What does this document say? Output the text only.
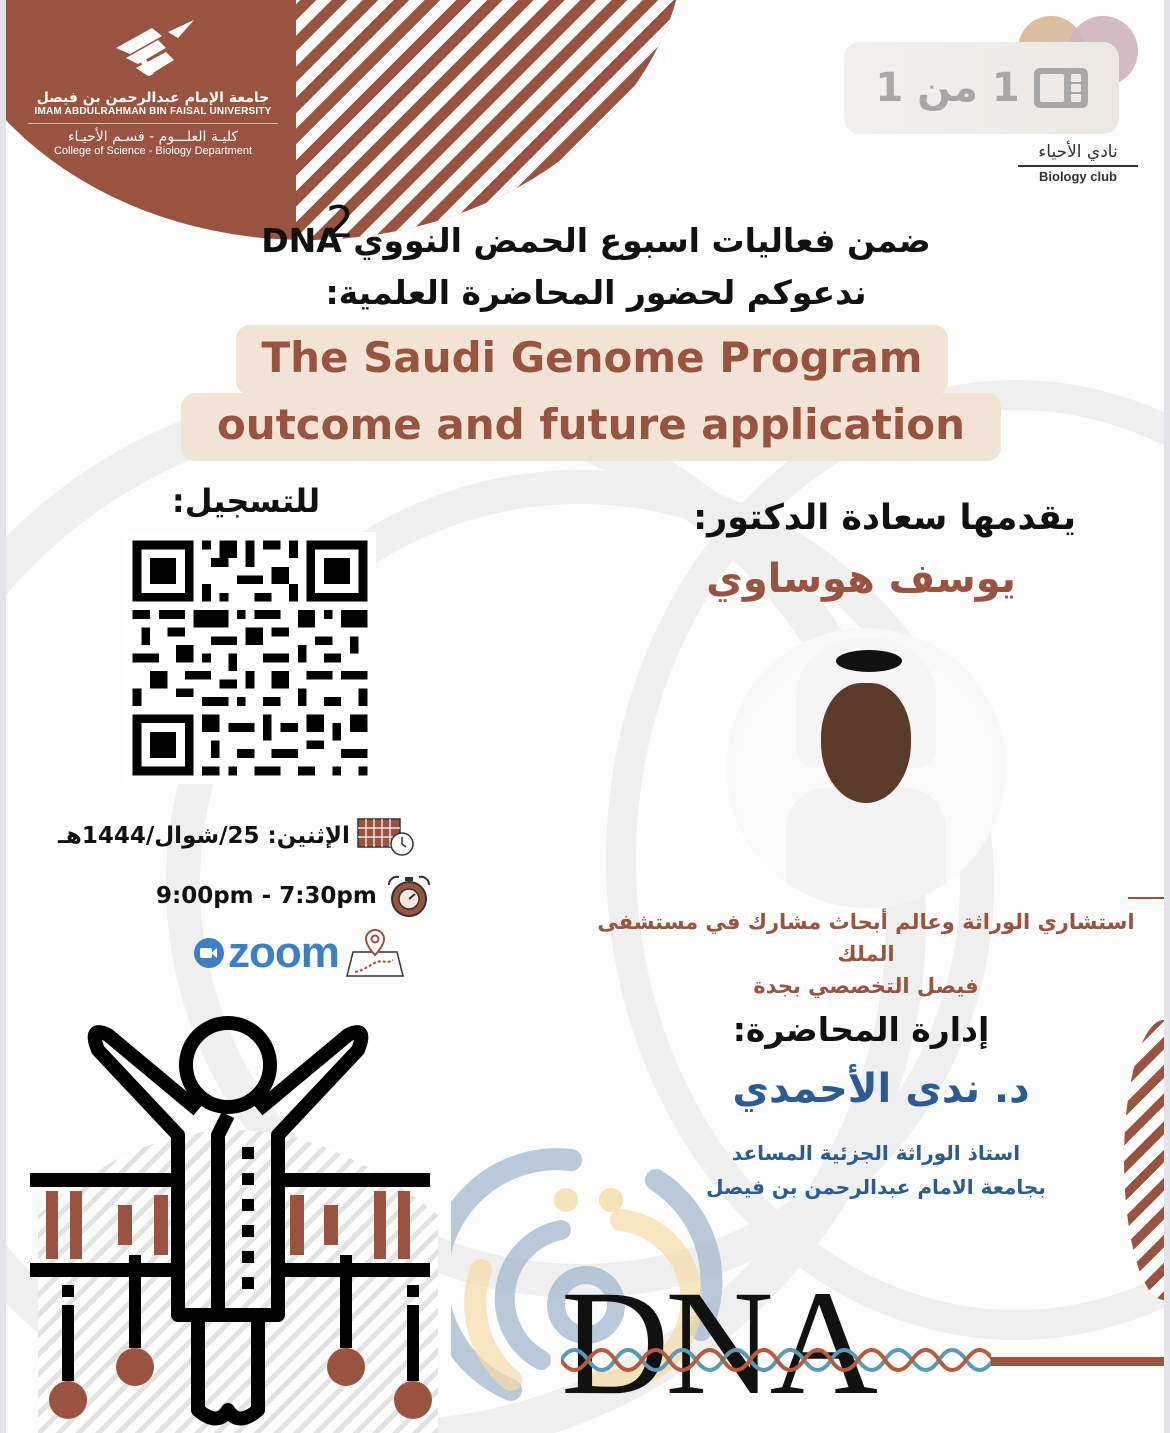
جامعة الإمام عبدالرحمن بن فيصل
IMAM ABDULRAHMAN BIN FAISAL UNIVERSITY
كليـة العلـــوم - قسـم الأحيـاء
College of Science - Biology Department	نادي الأحياء
Biology club
1 من 1
2
ضمن فعاليات اسبوع الحمض النووي DNA
ندعوكم لحضور المحاضرة العلمية:
The Saudi Genome Program
outcome and future application
للتسجيل:
الإثنين: 25/شوال/1444هـ
9:00pm - 7:30pm
zoom
يقدمها سعادة الدكتور:
يوسف هوساوي
استشاري الوراثة وعالم أبحاث مشارك في مستشفى الملك
فيصل التخصصي بجدة
إدارة المحاضرة:
د. ندى الأحمدي
استاذ الوراثة الجزئية المساعد
بجامعة الامام عبدالرحمن بن فيصل
DNA
